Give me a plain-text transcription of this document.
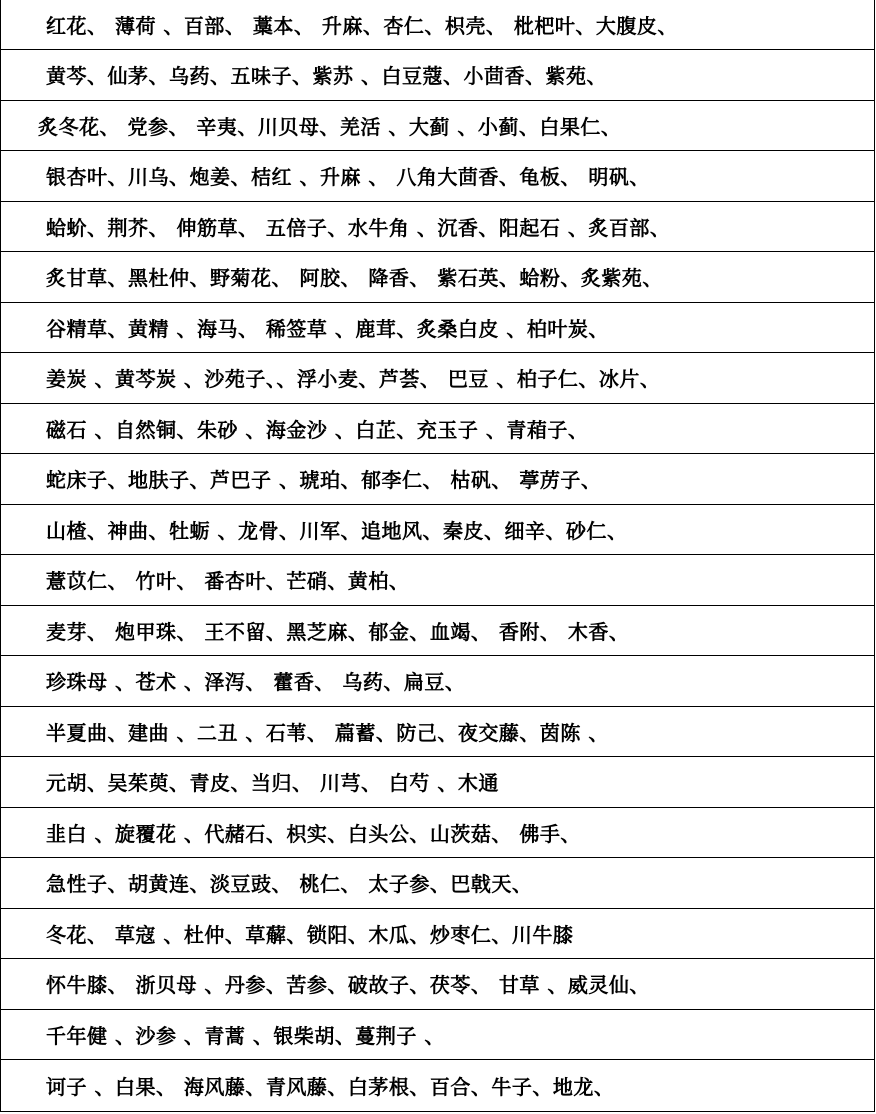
红花、 薄荷 、百部、 藁本、 升麻、杏仁、枳壳、 枇杷叶、大腹皮、
黄芩、仙茅、乌药、五味子、紫苏 、白豆蔻、小茴香、紫苑、
炙冬花、 党参、 辛夷、川贝母、羌活 、大蓟 、小蓟、白果仁、
银杏叶、川乌、炮姜、桔红 、升麻 、 八角大茴香、龟板、 明矾、
蛤蚧、荆芥、 伸筋草、 五倍子、水牛角 、沉香、阳起石 、炙百部、
炙甘草、黑杜仲、野菊花、 阿胶、 降香、 紫石英、蛤粉、炙紫苑、
谷精草、黄精 、海马、 稀签草 、鹿茸、炙桑白皮 、柏叶炭、
姜炭 、黄芩炭 、沙苑子、、浮小麦、芦荟、 巴豆 、柏子仁、冰片、
磁石 、自然铜、朱砂 、海金沙 、白芷、充玉子 、青葙子、
蛇床子、地肤子、芦巴子 、琥珀、郁李仁、 枯矾、 葶苈子、
山楂、神曲、牡蛎 、龙骨、川军、追地风、秦皮、细辛、砂仁、
薏苡仁、 竹叶、 番杏叶、芒硝、黄柏、
麦芽、 炮甲珠、 王不留、黑芝麻、郁金、血竭、 香附、 木香、
珍珠母 、苍术 、泽泻、 藿香、 乌药、扁豆、
半夏曲、建曲 、二丑 、石苇、 萹蓄、防己、夜交藤、茵陈 、
元胡、吴茱萸、青皮、当归、 川芎、 白芍 、木通
韭白 、旋覆花 、代赭石、枳实、白头公、山茨菇、 佛手、
急性子、胡黄连、淡豆豉、 桃仁、 太子参、巴戟天、
冬花、 草寇 、杜仲、草薢、锁阳、木瓜、炒枣仁、川牛膝
怀牛膝、 浙贝母 、丹参、苦参、破故子、茯苓、 甘草 、威灵仙、
千年健 、沙参 、青蒿 、银柴胡、蔓荆子 、
诃子 、白果、 海风藤、青风藤、白茅根、百合、牛子、地龙、
